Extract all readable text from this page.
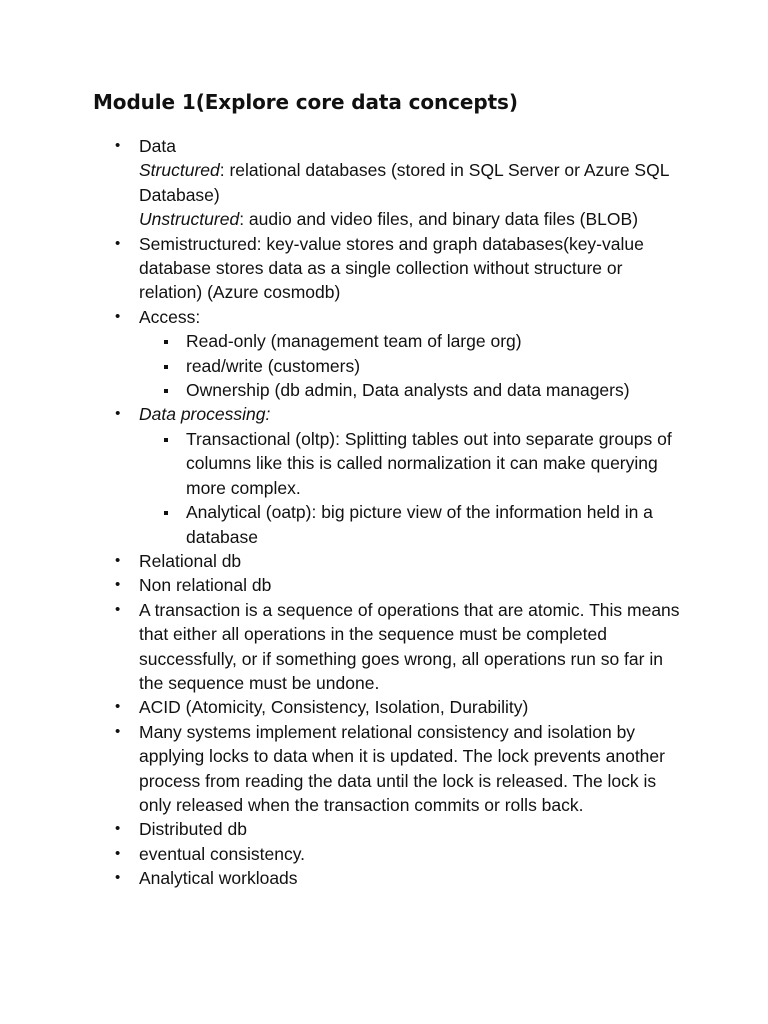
Module 1(Explore core data concepts)
• Data
Structured: relational databases (stored in SQL Server or Azure SQL Database)
Unstructured: audio and video files, and binary data files (BLOB)
• Semistructured: key-value stores and graph databases(key-value database stores data as a single collection without structure or relation) (Azure cosmodb)
• Access:
Read-only (management team of large org)
read/write (customers)
Ownership (db admin, Data analysts and data managers)
• Data processing:
Transactional (oltp): Splitting tables out into separate groups of columns like this is called normalization it can make querying more complex.
Analytical (oatp): big picture view of the information held in a database
• Relational db
• Non relational db
• A transaction is a sequence of operations that are atomic. This means that either all operations in the sequence must be completed successfully, or if something goes wrong, all operations run so far in the sequence must be undone.
• ACID (Atomicity, Consistency, Isolation, Durability)
• Many systems implement relational consistency and isolation by applying locks to data when it is updated. The lock prevents another process from reading the data until the lock is released. The lock is only released when the transaction commits or rolls back.
• Distributed db
• eventual consistency.
• Analytical workloads
